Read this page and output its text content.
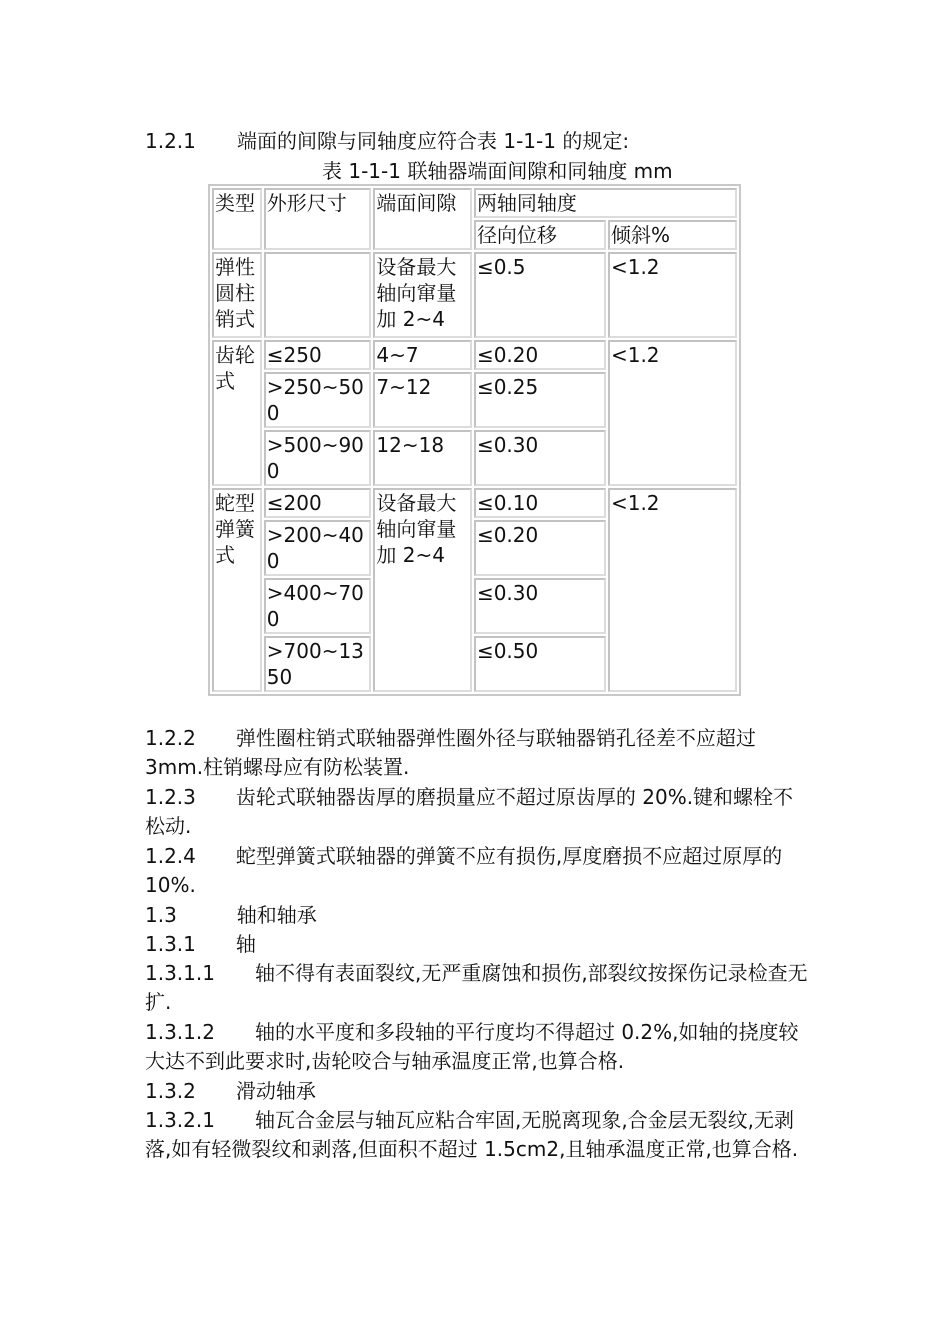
1.2.1 端面的间隙与同轴度应符合表 1-1-1 的规定:
表 1-1-1 联轴器端面间隙和同轴度 mm
类型	外形尺寸	端面间隙	两轴同轴度	
			径向位移	倾斜%
弹性圆柱销式		设备最大轴向窜量加 2~4	≤0.5	<1.2
齿轮式	≤250	4~7	≤0.20	<1.2
	>250~500	7~12	≤0.25	
	>500~900	12~18	≤0.30	
蛇型弹簧式	≤200	设备最大轴向窜量加 2~4	≤0.10	<1.2
	>200~400		≤0.20	
	>400~700		≤0.30	
	>700~1350		≤0.50	
1.2.2　　弹性圈柱销式联轴器弹性圈外径与联轴器销孔径差不应超过 3mm.柱销螺母应有防松装置.
1.2.3　　齿轮式联轴器齿厚的磨损量应不超过原齿厚的 20%.键和螺栓不松动.
1.2.4　　蛇型弹簧式联轴器的弹簧不应有损伤,厚度磨损不应超过原厚的 10%.
1.3　　　轴和轴承
1.3.1　　轴
1.3.1.1　　轴不得有表面裂纹,无严重腐蚀和损伤,部裂纹按探伤记录检查无扩.
1.3.1.2　　轴的水平度和多段轴的平行度均不得超过 0.2%,如轴的挠度较大达不到此要求时,齿轮咬合与轴承温度正常,也算合格.
1.3.2　　滑动轴承
1.3.2.1　　轴瓦合金层与轴瓦应粘合牢固,无脱离现象,合金层无裂纹,无剥落,如有轻微裂纹和剥落,但面积不超过 1.5cm2,且轴承温度正常,也算合格.
